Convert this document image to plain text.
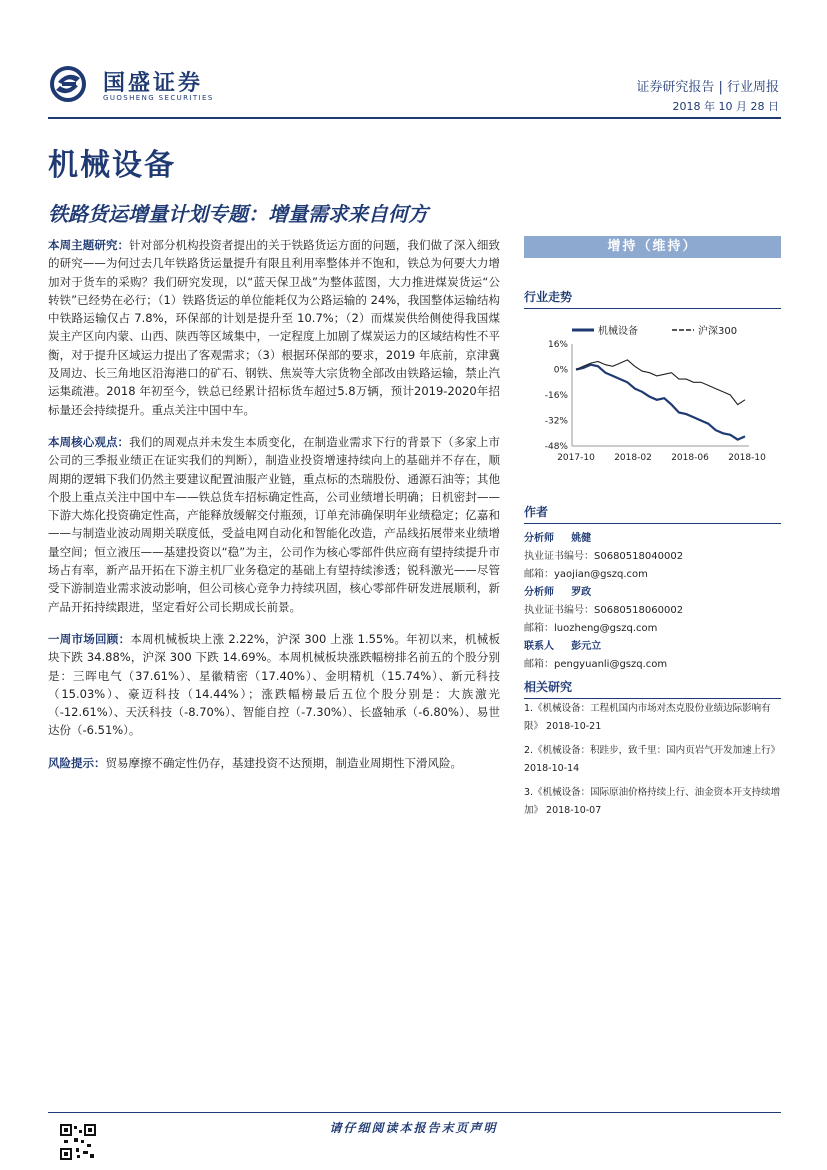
国盛证券
GUOSHENG SECURITIES
证券研究报告 | 行业周报
2018 年 10 月 28 日
机械设备
铁路货运增量计划专题：增量需求来自何方

本周主题研究：针对部分机构投资者提出的关于铁路货运方面的问题，我们做了深入细致的研究——为何过去几年铁路货运量提升有限且利用率整体并不饱和，铁总为何要大力增加对于货车的采购？我们研究发现，以“蓝天保卫战”为整体蓝图，大力推进煤炭货运“公转铁”已经势在必行；（1）铁路货运的单位能耗仅为公路运输的 24%，我国整体运输结构中铁路运输仅占 7.8%，环保部的计划是提升至 10.7%；（2）而煤炭供给侧使得我国煤炭主产区向内蒙、山西、陕西等区域集中，一定程度上加剧了煤炭运力的区域结构性不平衡，对于提升区域运力提出了客观需求；（3）根据环保部的要求，2019 年底前，京津冀及周边、长三角地区沿海港口的矿石、钢铁、焦炭等大宗货物全部改由铁路运输，禁止汽运集疏港。2018 年初至今，铁总已经累计招标货车超过5.8万辆，预计2019-2020年招标量还会持续提升。重点关注中国中车。

本周核心观点：我们的周观点并未发生本质变化，在制造业需求下行的背景下（多家上市公司的三季报业绩正在证实我们的判断），制造业投资增速持续向上的基础并不存在，顺周期的逻辑下我们仍然主要建议配置油服产业链，重点标的杰瑞股份、通源石油等；其他个股上重点关注中国中车——铁总货车招标确定性高，公司业绩增长明确；日机密封——下游大炼化投资确定性高，产能释放缓解交付瓶颈，订单充沛确保明年业绩稳定；亿嘉和——与制造业波动周期关联度低，受益电网自动化和智能化改造，产品线拓展带来业绩增量空间；恒立液压——基建投资以“稳”为主，公司作为核心零部件供应商有望持续提升市场占有率，新产品开拓在下游主机厂业务稳定的基础上有望持续渗透；锐科激光——尽管受下游制造业需求波动影响，但公司核心竞争力持续巩固，核心零部件研发进展顺利，新产品开拓持续跟进，坚定看好公司长期成长前景。

一周市场回顾：本周机械板块上涨 2.22%，沪深 300 上涨 1.55%。年初以来，机械板块下跌 34.88%，沪深 300 下跌 14.69%。本周机械板块涨跌幅榜排名前五的个股分别是：三晖电气（37.61%）、星徽精密（17.40%）、金明精机（15.74%）、新元科技（15.03%）、豪迈科技（14.44%）；涨跌幅榜最后五位个股分别是：大族激光（-12.61%）、天沃科技（-8.70%）、智能自控（-7.30%）、长盛轴承（-6.80%）、易世达份（-6.51%）。

风险提示：贸易摩擦不确定性仍存，基建投资不达预期，制造业周期性下滑风险。

增持（维持）
行业走势
机械设备	沪深300
16%
0%
-16%
-32%
-48%
2017-10 2018-02 2018-06 2018-10
作者
分析师 姚健
执业证书编号：S0680518040002
邮箱：yaojian@gszq.com
分析师 罗政
执业证书编号：S0680518060002
邮箱：luozheng@gszq.com
联系人 彭元立
邮箱：pengyuanli@gszq.com
相关研究
1.《机械设备：工程机国内市场对杰克股份业绩边际影响有限》 2018-10-21
2.《机械设备：积跬步，致千里：国内页岩气开发加速上行》 2018-10-14
3.《机械设备：国际原油价格持续上行、油金资本开支持续增加》 2018-10-07
请仔细阅读本报告末页声明
